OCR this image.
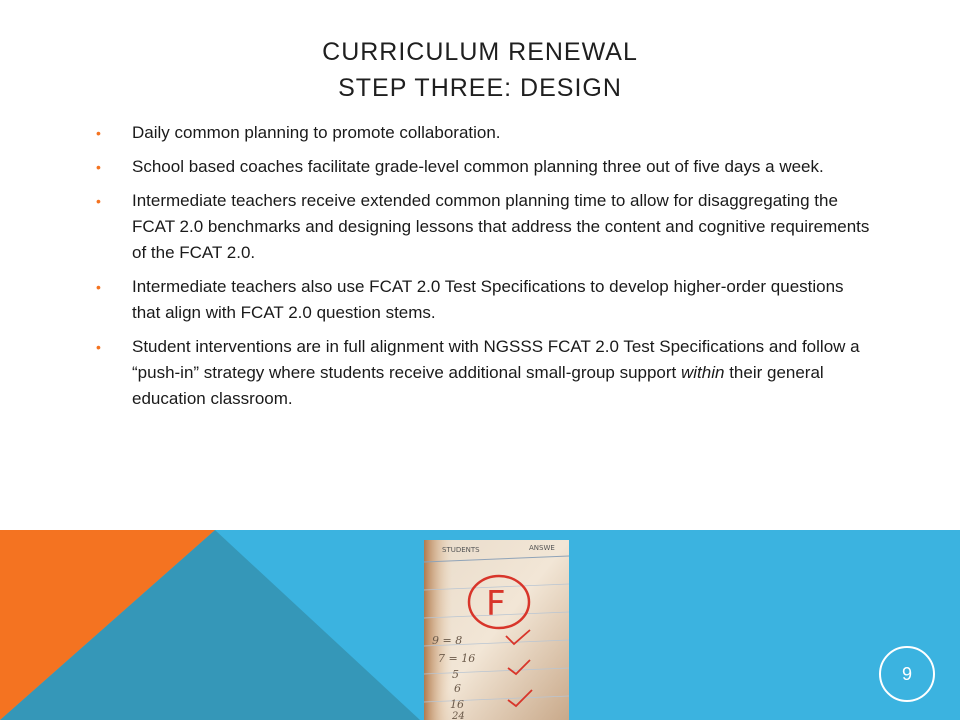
CURRICULUM RENEWAL
STEP THREE: DESIGN
• Daily common planning to promote collaboration.
• School based coaches facilitate grade-level common planning three out of five days a week.
• Intermediate teachers receive extended common planning time to allow for disaggregating the FCAT 2.0 benchmarks and designing lessons that address the content and cognitive requirements of the FCAT 2.0.
• Intermediate teachers also use FCAT 2.0 Test Specifications to develop higher-order questions that align with FCAT 2.0 question stems.
• Student interventions are in full alignment with NGSSS FCAT 2.0 Test Specifications and follow a “push-in” strategy where students receive additional small-group support within their general education classroom.
STUDENTS	ANSWE
F
9 = 8
7 = 16
5
6
16
24
9
